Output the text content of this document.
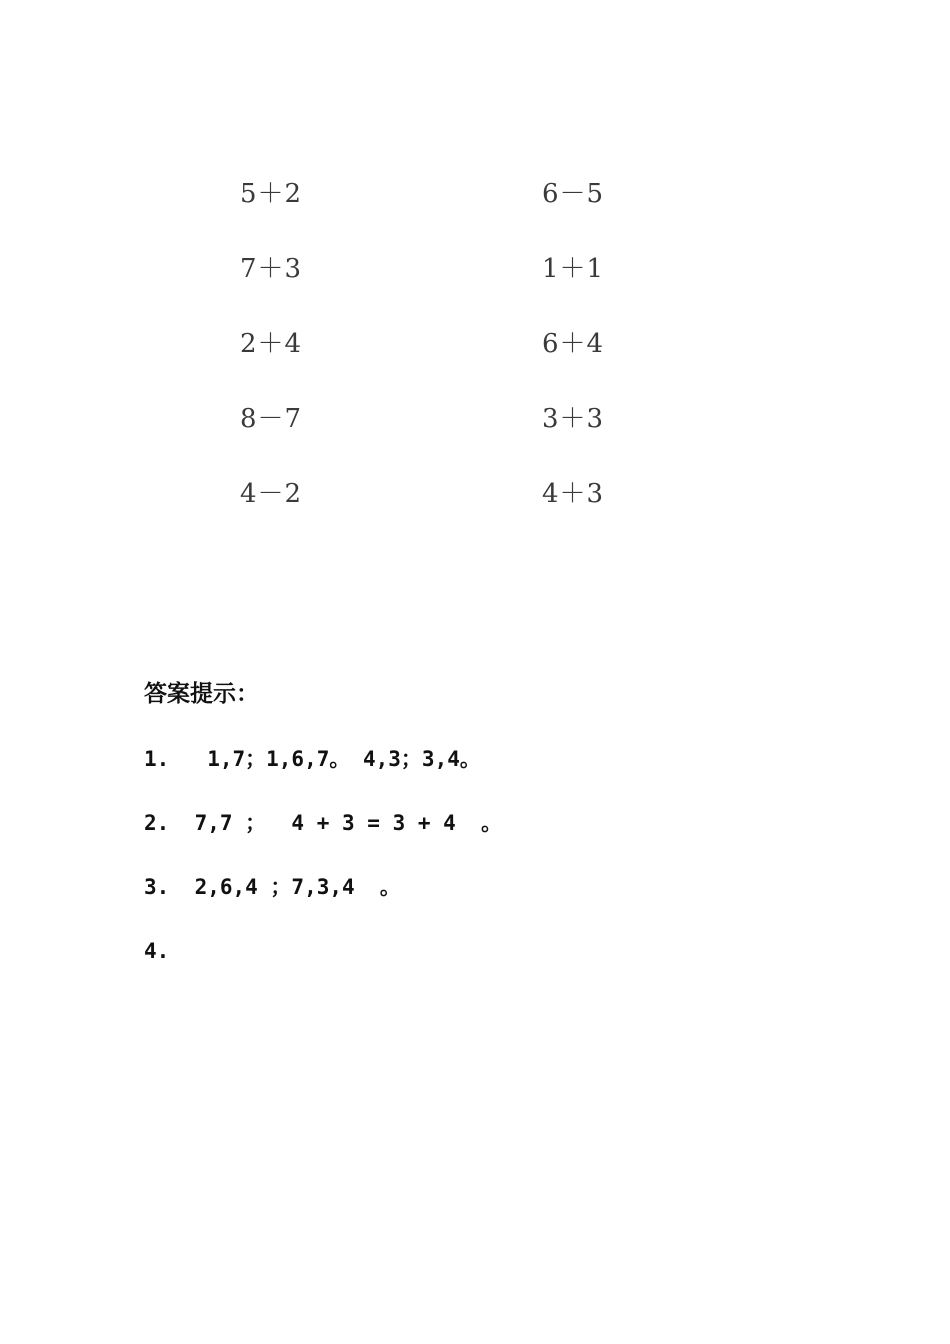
5＋2	6－5
7＋3	1＋1
2＋4	6＋4
8－7	3＋3
4－2	4＋3
答案提示：
1.   1,7；1,6,7。 4,3；3,4。
2.  7,7 ；  4 + 3 = 3 + 4  。
3.  2,6,4 ；7,3,4  。
4.
